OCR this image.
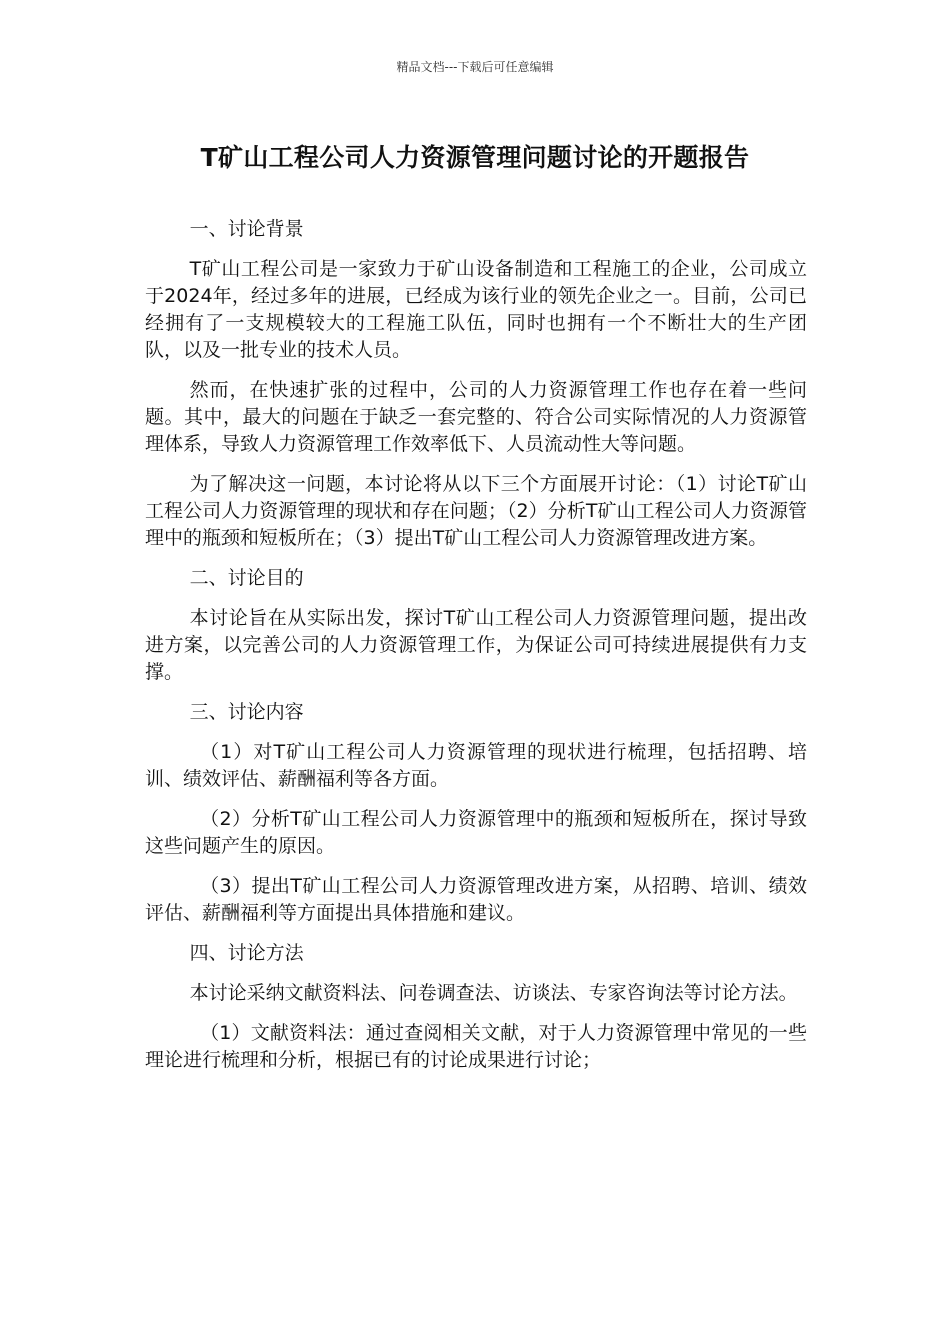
精品文档---下载后可任意编辑
T矿山工程公司人力资源管理问题讨论的开题报告

一、讨论背景

T矿山工程公司是一家致力于矿山设备制造和工程施工的企业，公司成立于2024年，经过多年的进展，已经成为该行业的领先企业之一。目前，公司已经拥有了一支规模较大的工程施工队伍，同时也拥有一个不断壮大的生产团队，以及一批专业的技术人员。

然而，在快速扩张的过程中，公司的人力资源管理工作也存在着一些问题。其中，最大的问题在于缺乏一套完整的、符合公司实际情况的人力资源管理体系，导致人力资源管理工作效率低下、人员流动性大等问题。

为了解决这一问题，本讨论将从以下三个方面展开讨论：（1）讨论T矿山工程公司人力资源管理的现状和存在问题；（2）分析T矿山工程公司人力资源管理中的瓶颈和短板所在；（3）提出T矿山工程公司人力资源管理改进方案。

二、讨论目的

本讨论旨在从实际出发，探讨T矿山工程公司人力资源管理问题，提出改进方案，以完善公司的人力资源管理工作，为保证公司可持续进展提供有力支撑。

三、讨论内容

（1）对T矿山工程公司人力资源管理的现状进行梳理，包括招聘、培训、绩效评估、薪酬福利等各方面。

（2）分析T矿山工程公司人力资源管理中的瓶颈和短板所在，探讨导致这些问题产生的原因。

（3）提出T矿山工程公司人力资源管理改进方案，从招聘、培训、绩效评估、薪酬福利等方面提出具体措施和建议。

四、讨论方法

本讨论采纳文献资料法、问卷调查法、访谈法、专家咨询法等讨论方法。

（1）文献资料法：通过查阅相关文献，对于人力资源管理中常见的一些理论进行梳理和分析，根据已有的讨论成果进行讨论；
